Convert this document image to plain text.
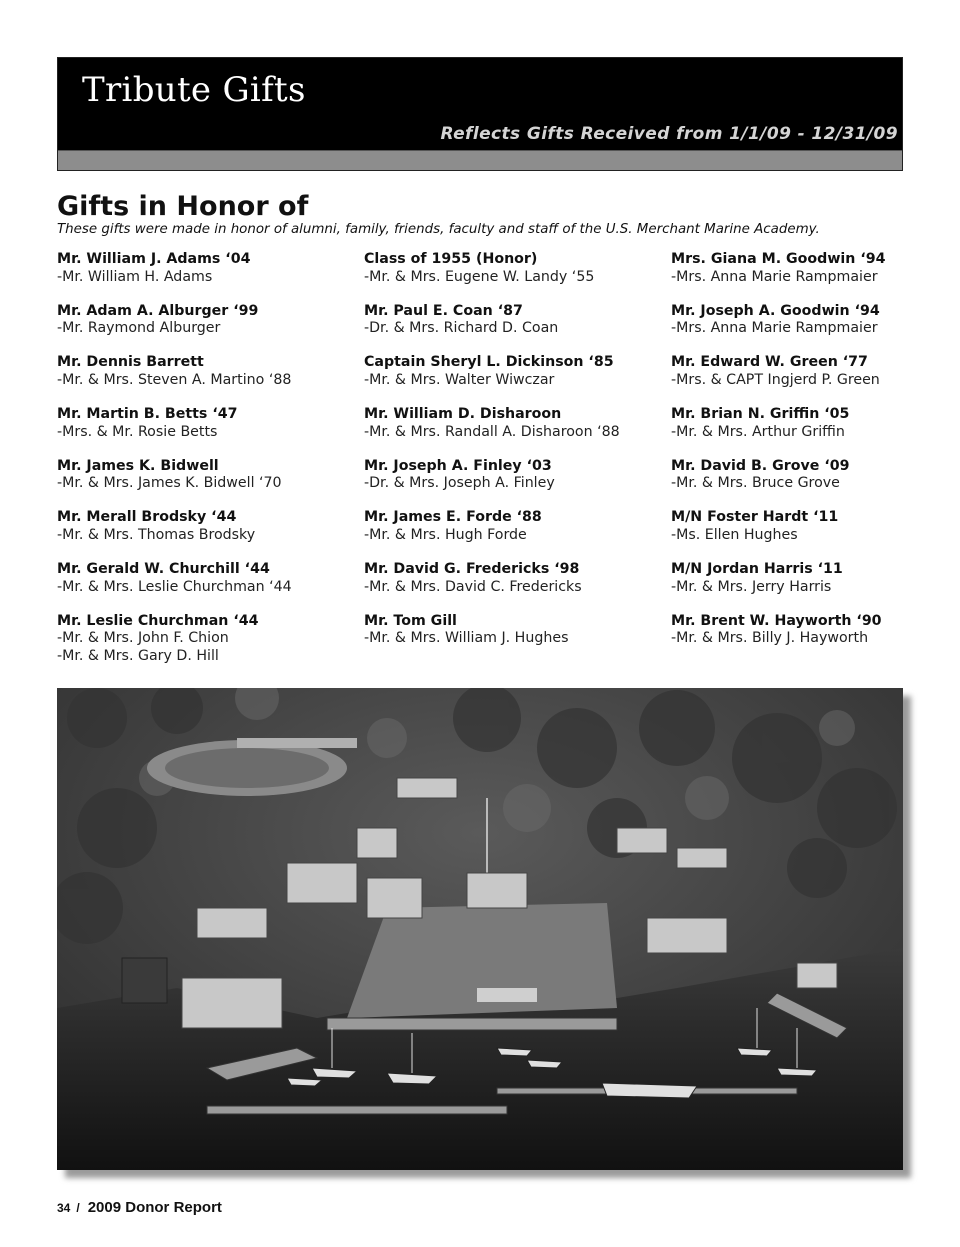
Tribute Gifts
Reflects Gifts Received from 1/1/09 - 12/31/09
Gifts in Honor of
These gifts were made in honor of alumni, family, friends, faculty and staff of the U.S. Merchant Marine Academy.
Mr. William J. Adams ‘04
-Mr. William H. Adams
Mr. Adam A. Alburger ‘99
-Mr. Raymond Alburger
Mr. Dennis Barrett
-Mr. & Mrs. Steven A. Martino ‘88
Mr. Martin B. Betts ‘47
-Mrs. & Mr. Rosie Betts
Mr. James K. Bidwell
-Mr. & Mrs. James K. Bidwell ‘70
Mr. Merall Brodsky ‘44
-Mr. & Mrs. Thomas Brodsky
Mr. Gerald W. Churchill ‘44
-Mr. & Mrs. Leslie Churchman ‘44
Mr. Leslie Churchman ‘44
-Mr. & Mrs. John F. Chion
-Mr. & Mrs. Gary D. Hill
Class of 1955 (Honor)
-Mr. & Mrs. Eugene W. Landy ‘55
Mr. Paul E. Coan ‘87
-Dr. & Mrs. Richard D. Coan
Captain Sheryl L. Dickinson ‘85
-Mr. & Mrs. Walter Wiwczar
Mr. William D. Disharoon
-Mr. & Mrs. Randall A. Disharoon ‘88
Mr. Joseph A. Finley ‘03
-Dr. & Mrs. Joseph A. Finley
Mr. James E. Forde ‘88
-Mr. & Mrs. Hugh Forde
Mr. David G. Fredericks ‘98
-Mr. & Mrs. David C. Fredericks
Mr. Tom Gill
-Mr. & Mrs. William J. Hughes
Mrs. Giana M. Goodwin ‘94
-Mrs. Anna Marie Rampmaier
Mr. Joseph A. Goodwin ‘94
-Mrs. Anna Marie Rampmaier
Mr. Edward W. Green ‘77
-Mrs. & CAPT Ingjerd P. Green
Mr. Brian N. Griffin ‘05
-Mr. & Mrs. Arthur Griffin
Mr. David B. Grove ‘09
-Mr. & Mrs. Bruce Grove
M/N Foster Hardt ‘11
-Ms. Ellen Hughes
M/N Jordan Harris ‘11
-Mr. & Mrs. Jerry Harris
Mr. Brent W. Hayworth ‘90
-Mr. & Mrs. Billy J. Hayworth
34 / 2009 Donor Report
